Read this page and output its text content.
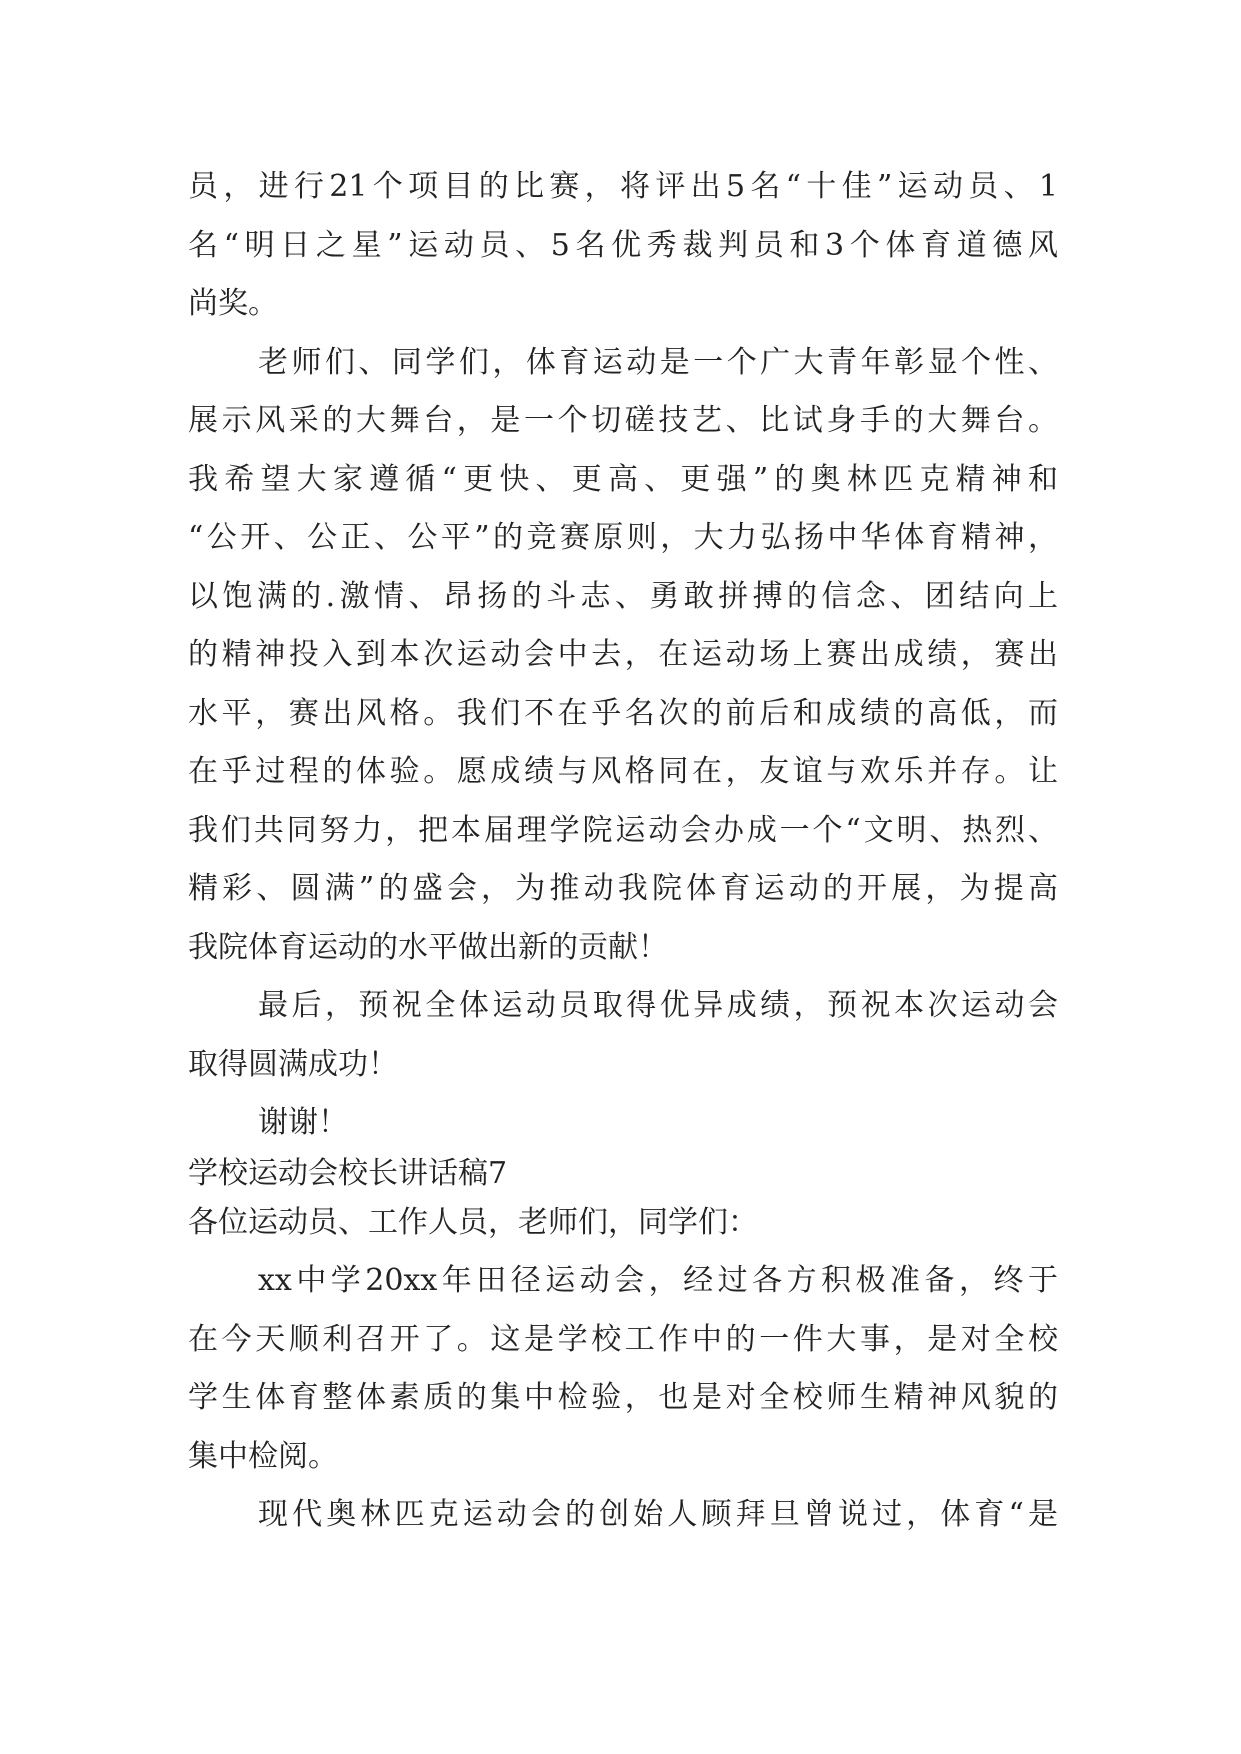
员，进行21个项目的比赛，将评出5名“十佳”运动员、1
名“明日之星”运动员、5名优秀裁判员和3个体育道德风
尚奖。
老师们、同学们，体育运动是一个广大青年彰显个性、
展示风采的大舞台，是一个切磋技艺、比试身手的大舞台。
我希望大家遵循“更快、更高、更强”的奥林匹克精神和
“公开、公正、公平”的竞赛原则，大力弘扬中华体育精神，
以饱满的.激情、昂扬的斗志、勇敢拼搏的信念、团结向上
的精神投入到本次运动会中去，在运动场上赛出成绩，赛出
水平，赛出风格。我们不在乎名次的前后和成绩的高低，而
在乎过程的体验。愿成绩与风格同在，友谊与欢乐并存。让
我们共同努力，把本届理学院运动会办成一个“文明、热烈、
精彩、圆满”的盛会，为推动我院体育运动的开展，为提高
我院体育运动的水平做出新的贡献！
最后，预祝全体运动员取得优异成绩，预祝本次运动会
取得圆满成功！
谢谢！
学校运动会校长讲话稿7
各位运动员、工作人员，老师们，同学们：
xx中学20xx年田径运动会，经过各方积极准备，终于
在今天顺利召开了。这是学校工作中的一件大事，是对全校
学生体育整体素质的集中检验，也是对全校师生精神风貌的
集中检阅。
现代奥林匹克运动会的创始人顾拜旦曾说过，体育“是
